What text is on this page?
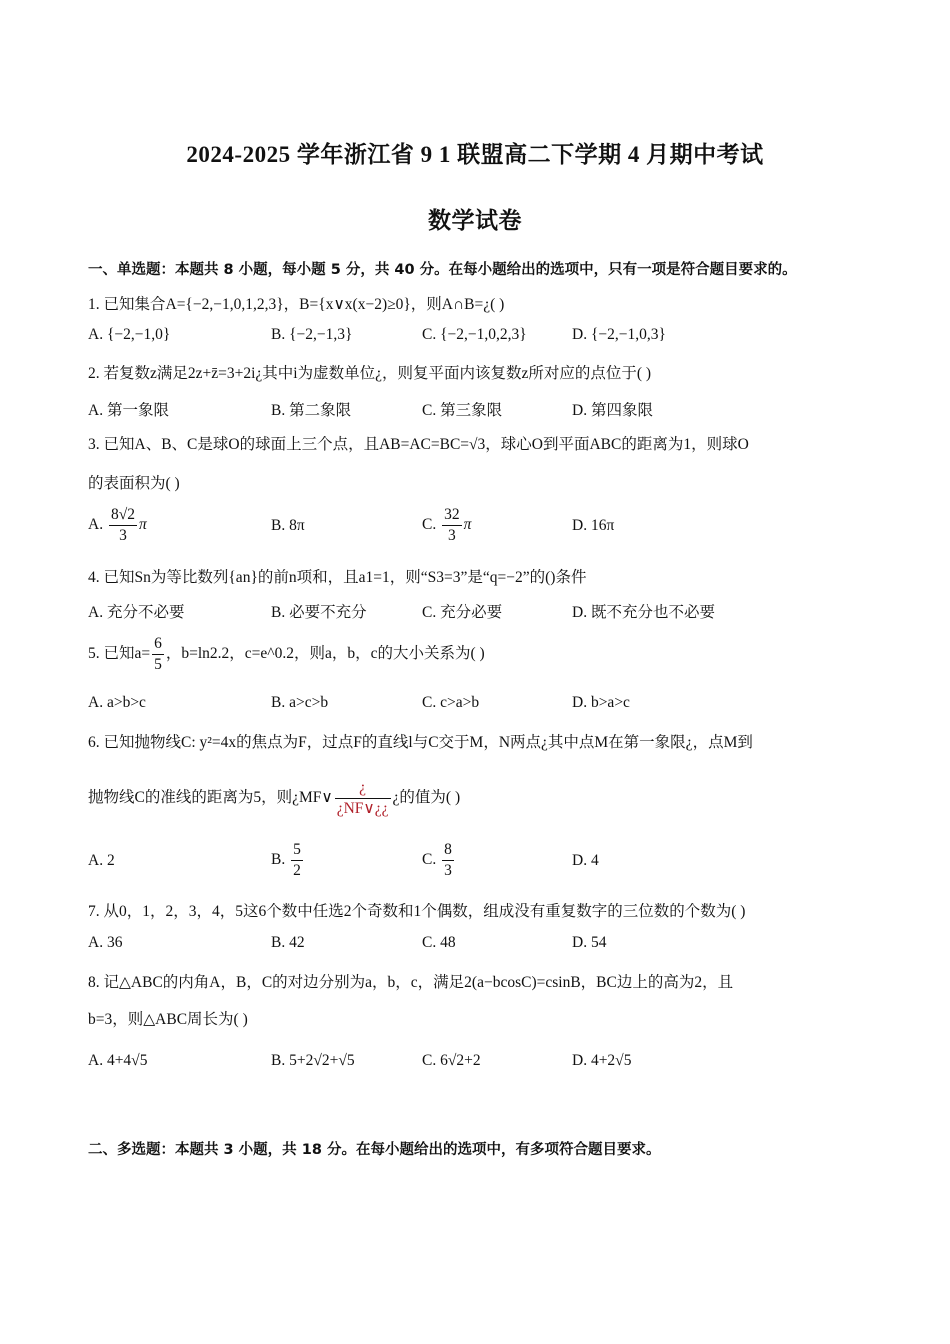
2024-2025 学年浙江省 9 1 联盟高二下学期 4 月期中考试
数学试卷
一、单选题：本题共 8 小题，每小题 5 分，共 40 分。在每小题给出的选项中，只有一项是符合题目要求的。
1. 已知集合A={−2,−1,0,1,2,3}，B={x∨x(x−2)≥0}，则A∩B=¿( )
A. {−2,−1,0}	B. {−2,−1,3}	C. {−2,−1,0,2,3}	D. {−2,−1,0,3}
2. 若复数z满足2z+z̄=3+2i¿其中i为虚数单位¿，则复平面内该复数z所对应的点位于( )
A. 第一象限	B. 第二象限	C. 第三象限	D. 第四象限
3. 已知A、B、C是球O的球面上三个点，且AB=AC=BC=√3，球心O到平面ABC的距离为1，则球O
的表面积为( )
A. $\frac{8√2}{3}$ π	B. 8π	C. $\frac{32}{3}$ π	D. 16π
4. 已知Sn为等比数列{an}的前n项和，且a1=1，则“S3=3”是“q=−2”的()条件
A. 充分不必要	B. 必要不充分	C. 充分必要	D. 既不充分也不必要
5. 已知$a= \frac{6}{5}$ ，b=ln2.2，c=e^0.2，则a，b，c的大小关系为( )
A. a>b>c	B. a>c>b	C. c>a>b	D. b>a>c
6. 已知抛物线C: y²=4x的焦点为F，过点F的直线l与C交于M，N两点¿其中点M在第一象限¿，点M到
抛物线C的准线的距离为5，则¿MF∨ $\frac{¿}{¿NF\vee¿¿}$ ¿的值为( )
A. 2	B. $\frac{5}{2}$	C. $\frac{8}{3}$	D. 4
7. 从0，1，2，3，4，5这6个数中任选2个奇数和1个偶数，组成没有重复数字的三位数的个数为( )
A. 36	B. 42	C. 48	D. 54
8. 记△ABC的内角A，B，C的对边分别为a，b，c，满足2(a−bcosC)=csinB，BC边上的高为2，且
b=3，则△ABC周长为( )
A. 4+4√5	B. 5+2√2+√5	C. 6√2+2	D. 4+2√5
二、多选题：本题共 3 小题，共 18 分。在每小题给出的选项中，有多项符合题目要求。
